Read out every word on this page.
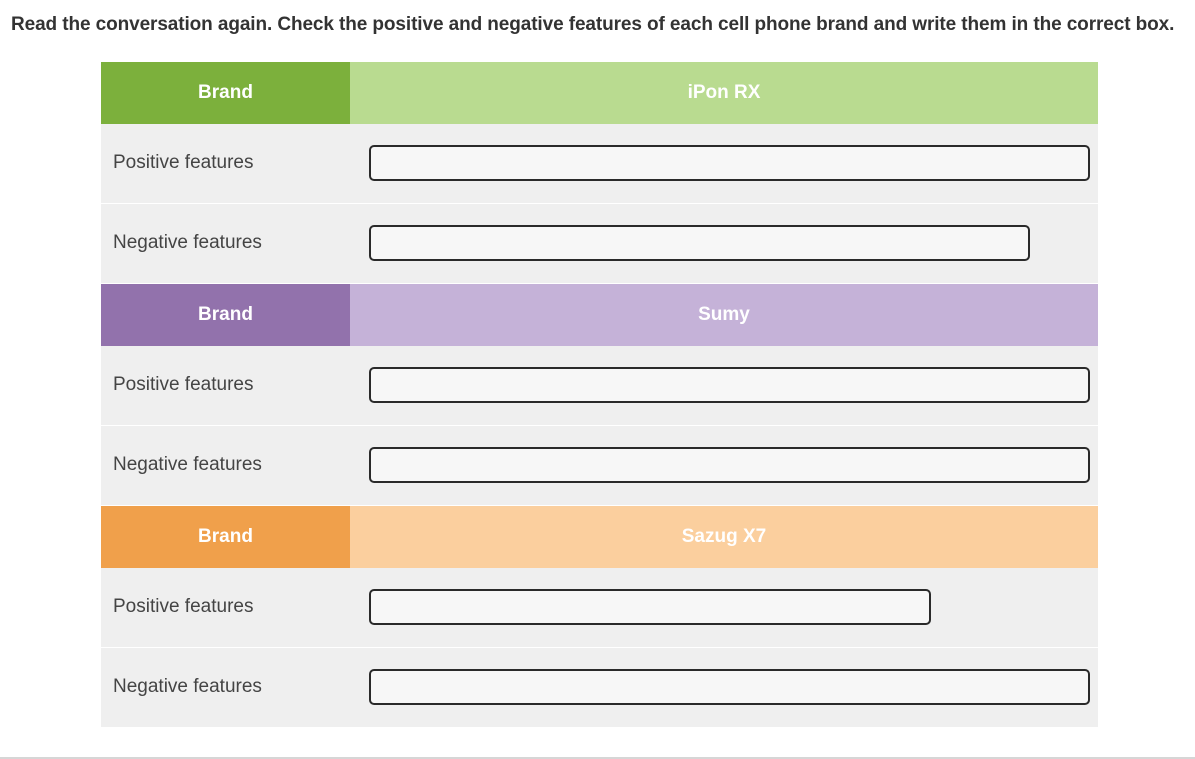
Read the conversation again. Check the positive and negative features of each cell phone brand and write them in the correct box.
Brand	iPon RX
Positive features
Negative features
Brand	Sumy
Positive features
Negative features
Brand	Sazug X7
Positive features
Negative features
